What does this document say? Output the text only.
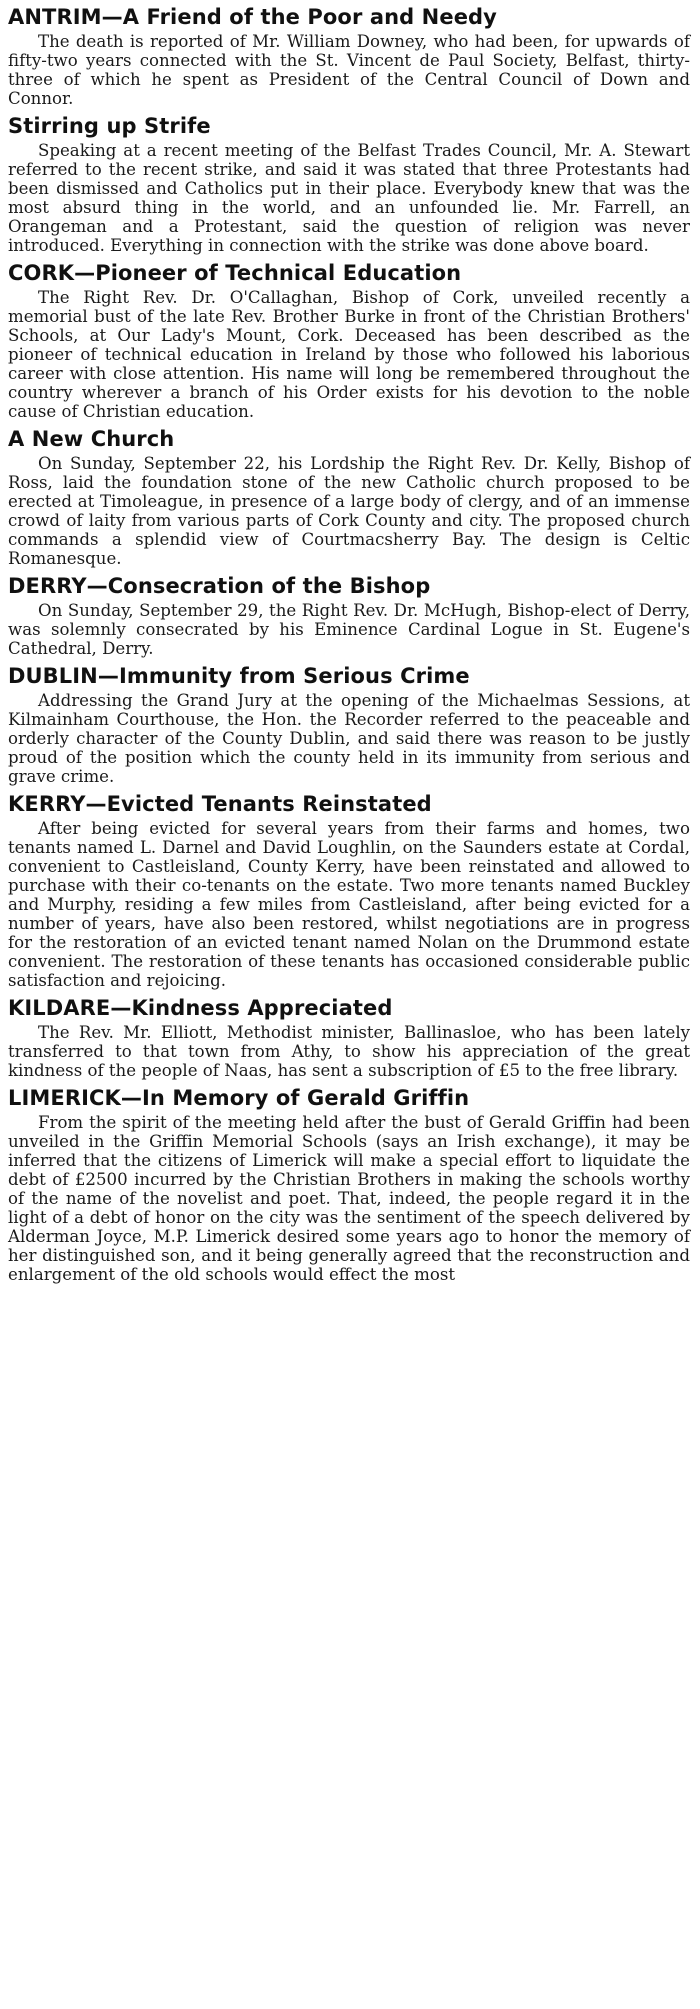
ANTRIM—A Friend of the Poor and Needy

The death is reported of Mr. William Downey, who had been, for upwards of fifty-two years connected with the St. Vincent de Paul Society, Belfast, thirty-three of which he spent as President of the Central Council of Down and Connor.

Stirring up Strife

Speaking at a recent meeting of the Belfast Trades Council, Mr. A. Stewart referred to the recent strike, and said it was stated that three Protestants had been dismissed and Catholics put in their place. Everybody knew that was the most absurd thing in the world, and an unfounded lie. Mr. Farrell, an Orangeman and a Protestant, said the question of religion was never introduced. Everything in connection with the strike was done above board.

CORK—Pioneer of Technical Education

The Right Rev. Dr. O'Callaghan, Bishop of Cork, unveiled recently a memorial bust of the late Rev. Brother Burke in front of the Christian Brothers' Schools, at Our Lady's Mount, Cork. Deceased has been described as the pioneer of technical education in Ireland by those who followed his laborious career with close attention. His name will long be remembered throughout the country wherever a branch of his Order exists for his devotion to the noble cause of Christian education.

A New Church

On Sunday, September 22, his Lordship the Right Rev. Dr. Kelly, Bishop of Ross, laid the foundation stone of the new Catholic church proposed to be erected at Timoleague, in presence of a large body of clergy, and of an immense crowd of laity from various parts of Cork County and city. The proposed church commands a splendid view of Courtmacsherry Bay. The design is Celtic Romanesque.

DERRY—Consecration of the Bishop

On Sunday, September 29, the Right Rev. Dr. McHugh, Bishop-elect of Derry, was solemnly consecrated by his Eminence Cardinal Logue in St. Eugene's Cathedral, Derry.

DUBLIN—Immunity from Serious Crime

Addressing the Grand Jury at the opening of the Michaelmas Sessions, at Kilmainham Courthouse, the Hon. the Recorder referred to the peaceable and orderly character of the County Dublin, and said there was reason to be justly proud of the position which the county held in its immunity from serious and grave crime.

KERRY—Evicted Tenants Reinstated

After being evicted for several years from their farms and homes, two tenants named L. Darnel and David Loughlin, on the Saunders estate at Cordal, convenient to Castleisland, County Kerry, have been reinstated and allowed to purchase with their co-tenants on the estate. Two more tenants named Buckley and Murphy, residing a few miles from Castleisland, after being evicted for a number of years, have also been restored, whilst negotiations are in progress for the restoration of an evicted tenant named Nolan on the Drummond estate convenient. The restoration of these tenants has occasioned considerable public satisfaction and rejoicing.

KILDARE—Kindness Appreciated

The Rev. Mr. Elliott, Methodist minister, Ballinasloe, who has been lately transferred to that town from Athy, to show his appreciation of the great kindness of the people of Naas, has sent a subscription of £5 to the free library.

LIMERICK—In Memory of Gerald Griffin

From the spirit of the meeting held after the bust of Gerald Griffin had been unveiled in the Griffin Memorial Schools (says an Irish exchange), it may be inferred that the citizens of Limerick will make a special effort to liquidate the debt of £2500 incurred by the Christian Brothers in making the schools worthy of the name of the novelist and poet. That, indeed, the people regard it in the light of a debt of honor on the city was the sentiment of the speech delivered by Alderman Joyce, M.P. Limerick desired some years ago to honor the memory of her distinguished son, and it being generally agreed that the reconstruction and enlargement of the old schools would effect the most
